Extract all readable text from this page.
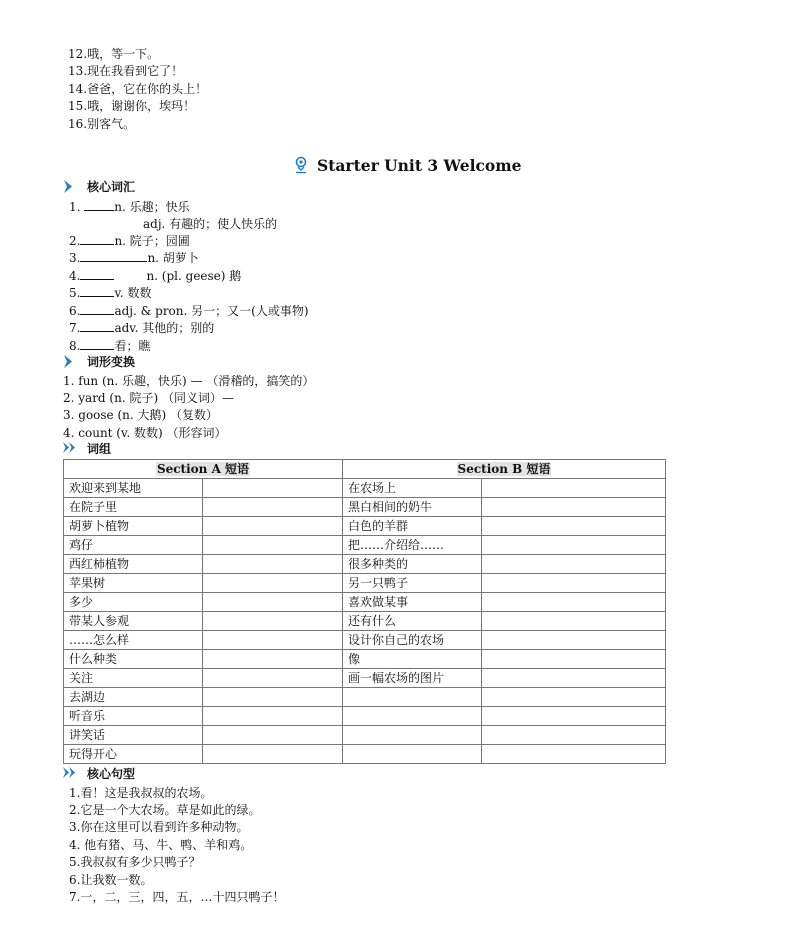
12.哦，等一下。
13.现在我看到它了！
14.爸爸，它在你的头上！
15.哦，谢谢你，埃玛！
16.别客气。
Starter Unit 3 Welcome
核心词汇
1.	n. 乐趣；快乐
adj. 有趣的；使人快乐的
2.	n. 院子；园圃
3.	n. 胡萝卜
4.	n. (pl. geese) 鹅
5.	v. 数数
6.	adj. & pron. 另一；又一(人或事物)
7.	adv. 其他的；别的
8.	看；瞧
词形变换
1. fun (n. 乐趣，快乐) — （滑稽的，搞笑的）
2. yard (n. 院子) （同义词）—
3. goose (n. 大鹅) （复数）
4. count (v. 数数) （形容词）
词组
Section A 短语		Section B 短语	
欢迎来到某地		在农场上	
在院子里		黑白相间的奶牛	
胡萝卜植物		白色的羊群	
鸡仔		把……介绍给……	
西红柿植物		很多种类的	
苹果树		另一只鸭子	
多少		喜欢做某事	
带某人参观		还有什么	
……怎么样		设计你自己的农场	
什么种类		像	
关注		画一幅农场的图片	
去湖边			
听音乐			
讲笑话			
玩得开心			
核心句型
1.看！这是我叔叔的农场。
2.它是一个大农场。草是如此的绿。
3.你在这里可以看到许多种动物。
4. 他有猪、马、牛、鸭、羊和鸡。
5.我叔叔有多少只鸭子？
6.让我数一数。
7.一，二，三，四，五，…十四只鸭子！
